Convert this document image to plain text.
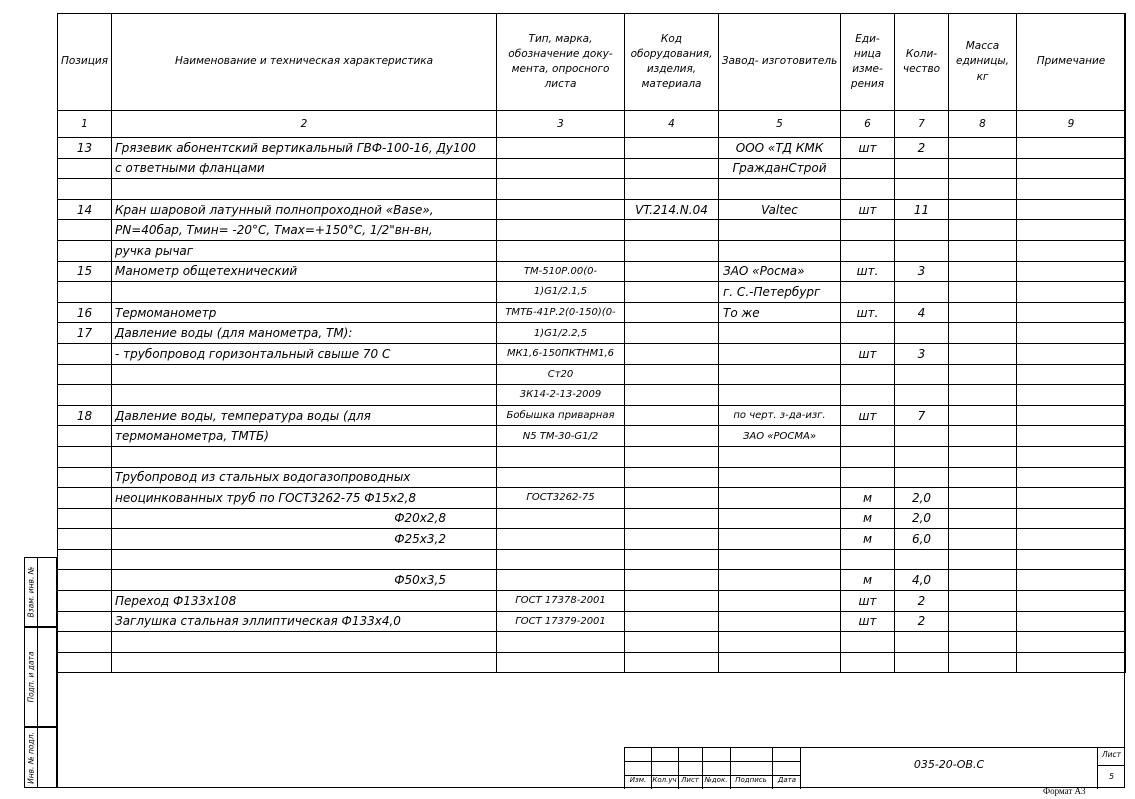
Позиция	Наименование и техническая характеристика	Тип, марка, обозначение доку- мента, опросного листа	Код оборудования, изделия, материала	Завод- изготовитель	Еди- ница изме- рения	Коли- чество	Масса единицы, кг	Примечание
1	2	3	4	5	6	7	8	9
13	Грязевик абонентский вертикальный ГВФ-100-16, Ду100			ООО «ТД КМК	шт	2		
	с ответными фланцами			ГражданСтрой				

14	Кран шаровой латунный полнопроходной «Base»,		VT.214.N.04	Valtec	шт	11		
	PN=40бар, Tмин= -20°С, Tмах=+150°С, 1/2"вн-вн,							
	ручка рычаг							
15	Манометр общетехнический	ТМ-510Р.00(0-		ЗАО «Росма»	шт.	3		
		1)G1/2.1,5		г. С.-Петербург				
16	Термоманометр	ТМТБ-41Р.2(0-150)(0-		То же	шт.	4		
17	Давление воды (для манометра, ТМ):	1)G1/2.2,5						
	- трубопровод горизонтальный свыше 70 С	МК1,6-150ПКТНМ1,6			шт	3		
		Ст20						
		3К14-2-13-2009						
18	Давление воды, температура воды (для	Бобышка приварная		по черт. з-да-изг.	шт	7		
	термоманометра, ТМТБ)	N5 ТМ-30-G1/2		ЗАО «РОСМА»				

	Трубопровод из стальных водогазопроводных							
	неоцинкованных труб по ГОСТ3262-75 Ф15х2,8	ГОСТ3262-75			м	2,0		
	Ф20х2,8				м	2,0		
	Ф25х3,2				м	6,0		

	Ф50х3,5				м	4,0		
	Переход Ф133х108	ГОСТ 17378-2001			шт	2		
	Заглушка стальная эллиптическая Ф133х4,0	ГОСТ 17379-2001			шт	2		

Взам. инв. №
Подп. и дата
Инв. № подл.	Изм. Кол.уч Лист №док.	Подпись	Дата
035-20-ОВ.С
Лист
5
Формат А3
